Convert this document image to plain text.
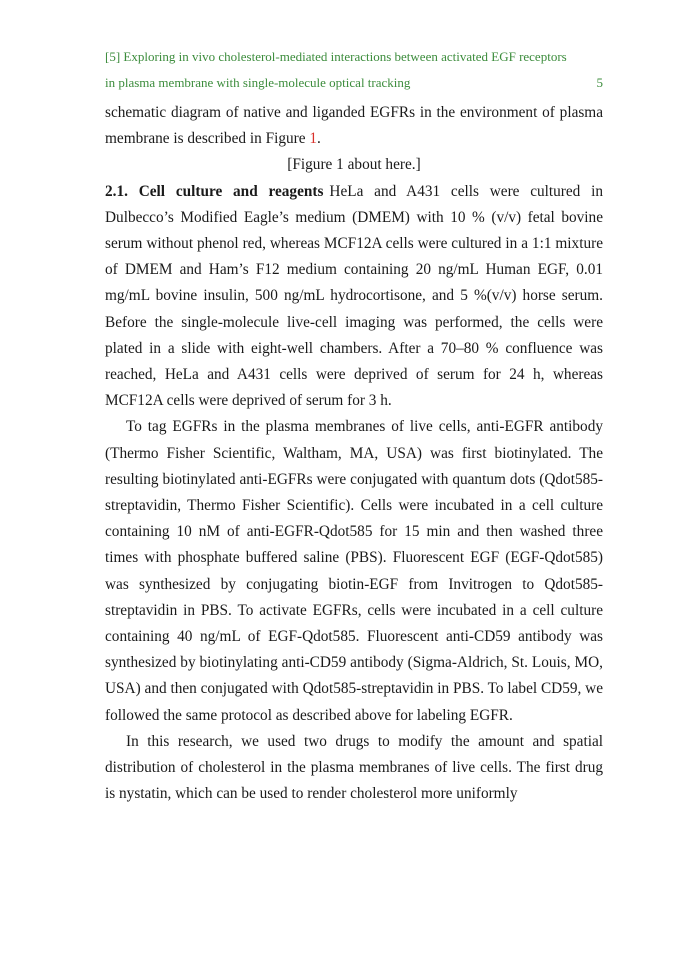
[5] Exploring in vivo cholesterol-mediated interactions between activated EGF receptors
in plasma membrane with single-molecule optical tracking	5

schematic diagram of native and liganded EGFRs in the environment of plasma membrane is described in Figure 1.

[Figure 1 about here.]

2.1. Cell culture and reagents HeLa and A431 cells were cultured in Dulbecco’s Modified Eagle’s medium (DMEM) with 10 % (v/v) fetal bovine serum without phenol red, whereas MCF12A cells were cultured in a 1:1 mixture of DMEM and Ham’s F12 medium containing 20 ng/mL Human EGF, 0.01 mg/mL bovine insulin, 500 ng/mL hydrocortisone, and 5 %(v/v) horse serum. Before the single-molecule live-cell imaging was performed, the cells were plated in a slide with eight-well chambers. After a 70–80 % confluence was reached, HeLa and A431 cells were deprived of serum for 24 h, whereas MCF12A cells were deprived of serum for 3 h.

To tag EGFRs in the plasma membranes of live cells, anti-EGFR antibody (Thermo Fisher Scientific, Waltham, MA, USA) was first biotinylated. The resulting biotinylated anti-EGFRs were conjugated with quantum dots (Qdot585-streptavidin, Thermo Fisher Scientific). Cells were incubated in a cell culture containing 10 nM of anti-EGFR-Qdot585 for 15 min and then washed three times with phosphate buffered saline (PBS). Fluorescent EGF (EGF-Qdot585) was synthesized by conjugating biotin-EGF from Invitrogen to Qdot585-streptavidin in PBS. To activate EGFRs, cells were incubated in a cell culture containing 40 ng/mL of EGF-Qdot585. Fluorescent anti-CD59 antibody was synthesized by biotinylating anti-CD59 antibody (Sigma-Aldrich, St. Louis, MO, USA) and then conjugated with Qdot585-streptavidin in PBS. To label CD59, we followed the same protocol as described above for labeling EGFR.

In this research, we used two drugs to modify the amount and spatial distribution of cholesterol in the plasma membranes of live cells. The first drug is nystatin, which can be used to render cholesterol more uniformly
